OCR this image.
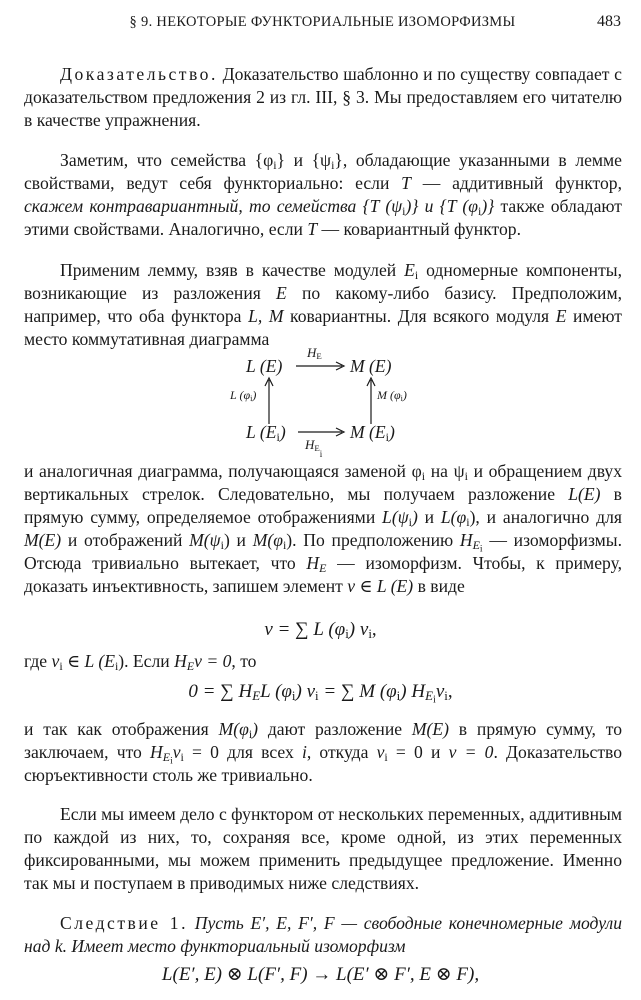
§ 9. НЕКОТОРЫЕ ФУНКТОРИАЛЬНЫЕ ИЗОМОРФИЗМЫ	483
Доказательство. Доказательство шаблонно и по существу совпадает с доказательством предложения 2 из гл. III, § 3. Мы предоставляем его читателю в качестве упражнения.
Заметим, что семейства $\{\varphi_i\}$ и $\{\psi_i\}$, обладающие указанными в лемме свойствами, ведут себя функториально: если T — аддитивный функтор, скажем контравариантный, то семейства {T $(\psi_i)$} и {T $(\varphi_i)$} также обладают этими свойствами. Аналогично, если T — ковариантный функтор.
Применим лемму, взяв в качестве модулей $E_i$ одномерные компоненты, возникающие из разложения E по какому-либо базису. Предположим, например, что оба функтора L, M ковариантны. Для всякого модуля E имеют место коммутативная диаграмма
L (E)
$H_E$ M (E)
L $(\varphi_i)$	M $(\varphi_i)$
L $(E_i)$
$H_{Ei}$
M $(E_i)$
и аналогичная диаграмма, получающаяся заменой $\varphi_i$ на $\psi_i$ и обращением двух вертикальных стрелок. Следовательно, мы получаем разложение L(E) в прямую сумму, определяемое отображениями $L(\psi_i)$ и $L(\varphi_i)$, и аналогично для M(E) и отображений $M(\psi_i)$ и $M(\varphi_i)$. По предположению $H_{E_i}$ — изоморфизмы. Отсюда тривиально вытекает, что $H_E$ — изоморфизм. Чтобы, к примеру, доказать инъективность, запишем элемент v ∈ L (E) в виде
v = ∑ L $(\varphi_i)$ $v_i$,
где $v_i$ ∈ L $(E_i)$. Если $H_Ev = 0$, то
0 = ∑ $H_EL$ $(\varphi_i) v_i$ = ∑ M $(\varphi_i)$ $H_{E_i}v_i$,
и так как отображения $M(\varphi_i)$ дают разложение M(E) в прямую сумму, то заключаем, что $H_{E_i}v_i = 0$ для всех i, откуда $v_i = 0$ и v = 0. Доказательство сюръективности столь же тривиально.
Если мы имеем дело с функтором от нескольких переменных, аддитивным по каждой из них, то, сохраняя все, кроме одной, из этих переменных фиксированными, мы можем применить предыдущее предложение. Именно так мы и поступаем в приводимых ниже следствиях.
Следствие 1. Пусть E′, E, F′, F — свободные конечномерные модули над k. Имеет место функториальный изоморфизм
L(E′, E) ⊗ L(F′, F) → L(E′ ⊗ F′, E ⊗ F),
